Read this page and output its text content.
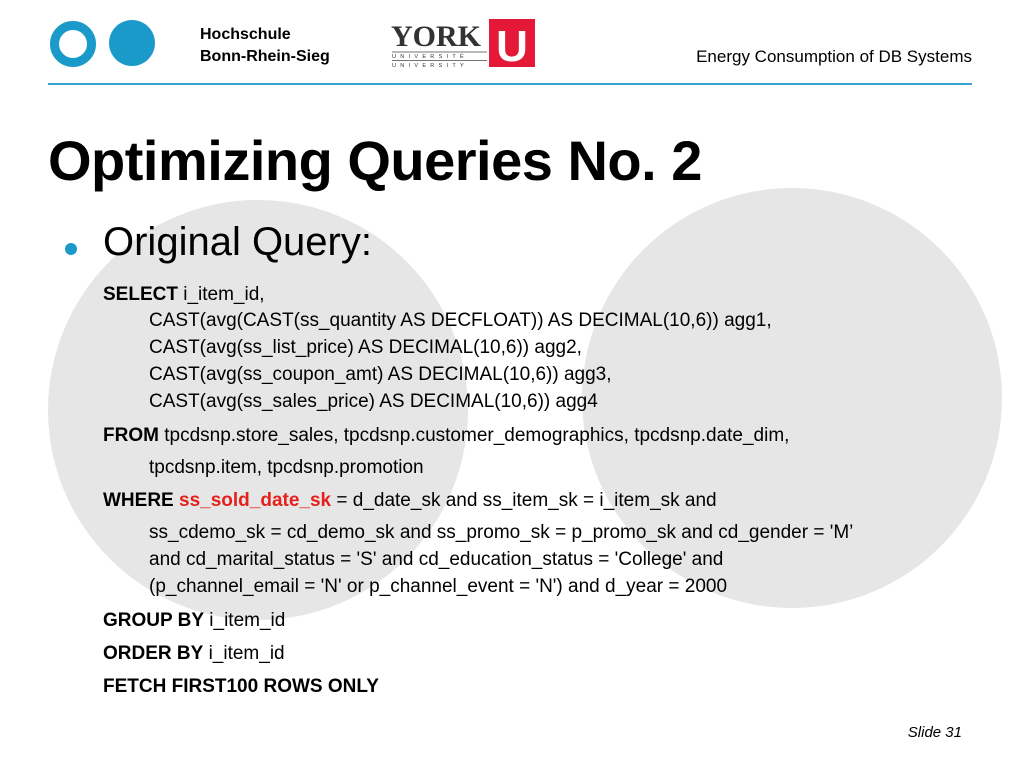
Hochschule
Bonn-Rhein-Sieg
YORK
UNIVERSITÉ
UNIVERSITY U	Energy Consumption of DB Systems
Optimizing Queries No. 2
Original Query:
SELECT i_item_id,
CAST(avg(CAST(ss_quantity AS DECFLOAT)) AS DECIMAL(10,6)) agg1,
CAST(avg(ss_list_price) AS DECIMAL(10,6)) agg2,
CAST(avg(ss_coupon_amt) AS DECIMAL(10,6)) agg3,
CAST(avg(ss_sales_price) AS DECIMAL(10,6)) agg4
FROM tpcdsnp.store_sales, tpcdsnp.customer_demographics, tpcdsnp.date_dim,
tpcdsnp.item, tpcdsnp.promotion
WHERE ss_sold_date_sk = d_date_sk and ss_item_sk = i_item_sk and
ss_cdemo_sk = cd_demo_sk and ss_promo_sk = p_promo_sk and cd_gender = 'M’
and cd_marital_status = 'S' and cd_education_status = 'College' and
(p_channel_email = 'N' or p_channel_event = 'N') and d_year = 2000
GROUP BY i_item_id
ORDER BY i_item_id
FETCH FIRST100 ROWS ONLY
Slide 31
